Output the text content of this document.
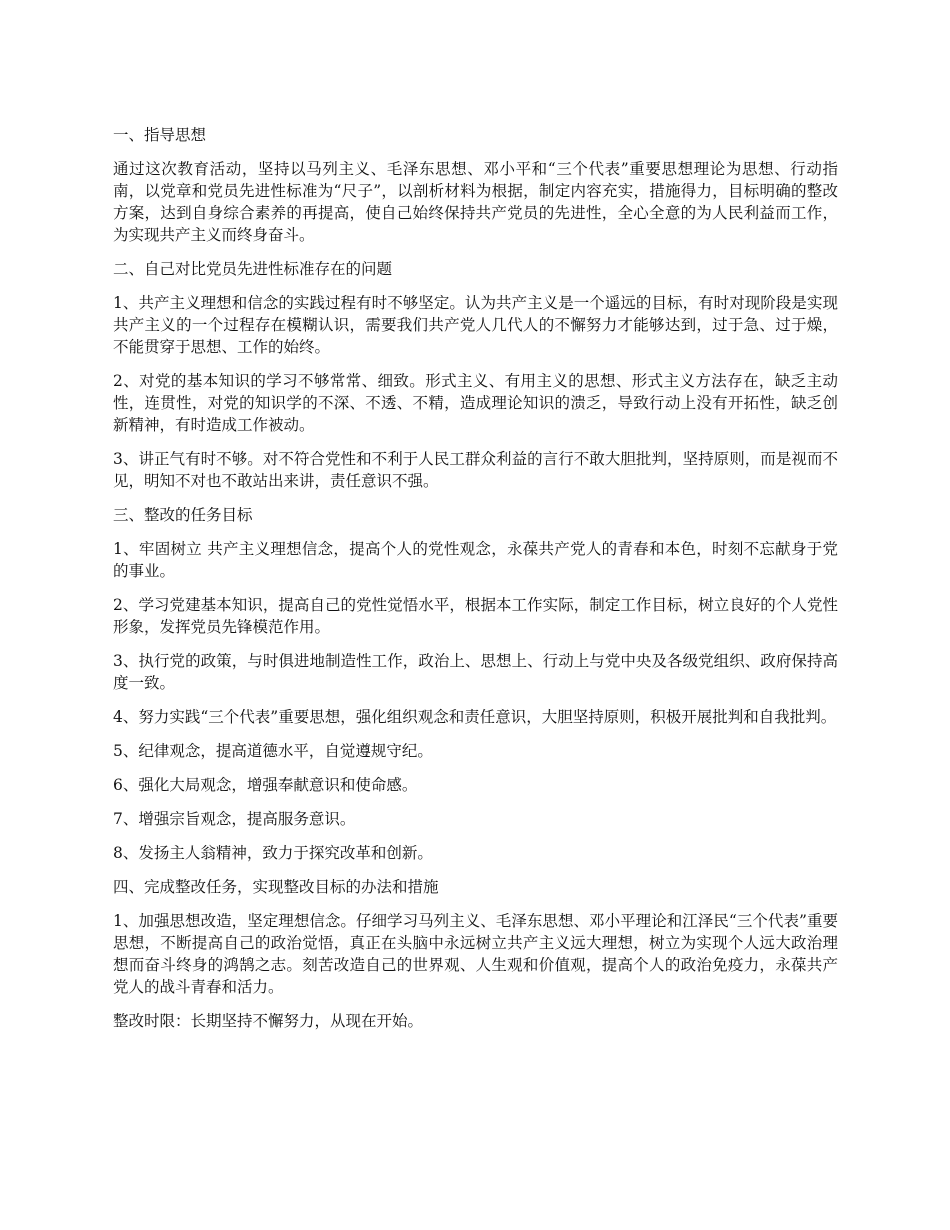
一、指导思想

通过这次教育活动，坚持以马列主义、毛泽东思想、邓小平和“三个代表”重要思想理论为思想、行动指南，以党章和党员先进性标准为“尺子”，以剖析材料为根据，制定内容充实，措施得力，目标明确的整改方案，达到自身综合素养的再提高，使自己始终保持共产党员的先进性，全心全意的为人民利益而工作，为实现共产主义而终身奋斗。

二、自己对比党员先进性标准存在的问题

1、共产主义理想和信念的实践过程有时不够坚定。认为共产主义是一个遥远的目标，有时对现阶段是实现共产主义的一个过程存在模糊认识，需要我们共产党人几代人的不懈努力才能够达到，过于急、过于燥，不能贯穿于思想、工作的始终。

2、对党的基本知识的学习不够常常、细致。形式主义、有用主义的思想、形式主义方法存在，缺乏主动性，连贯性，对党的知识学的不深、不透、不精，造成理论知识的溃乏，导致行动上没有开拓性，缺乏创新精神，有时造成工作被动。

3、讲正气有时不够。对不符合党性和不利于人民工群众利益的言行不敢大胆批判，坚持原则，而是视而不见，明知不对也不敢站出来讲，责任意识不强。

三、整改的任务目标

1、牢固树立 共产主义理想信念，提高个人的党性观念，永葆共产党人的青春和本色，时刻不忘献身于党的事业。

2、学习党建基本知识，提高自己的党性觉悟水平，根据本工作实际，制定工作目标，树立良好的个人党性形象，发挥党员先锋模范作用。

3、执行党的政策，与时俱进地制造性工作，政治上、思想上、行动上与党中央及各级党组织、政府保持高度一致。

4、努力实践“三个代表”重要思想，强化组织观念和责任意识，大胆坚持原则，积极开展批判和自我批判。

5、纪律观念，提高道德水平，自觉遵规守纪。

6、强化大局观念，增强奉献意识和使命感。

7、增强宗旨观念，提高服务意识。

8、发扬主人翁精神，致力于探究改革和创新。

四、完成整改任务，实现整改目标的办法和措施

1、加强思想改造，坚定理想信念。仔细学习马列主义、毛泽东思想、邓小平理论和江泽民“三个代表”重要思想，不断提高自己的政治觉悟，真正在头脑中永远树立共产主义远大理想，树立为实现个人远大政治理想而奋斗终身的鸿鹄之志。刻苦改造自己的世界观、人生观和价值观，提高个人的政治免疫力，永葆共产党人的战斗青春和活力。

整改时限：长期坚持不懈努力，从现在开始。
